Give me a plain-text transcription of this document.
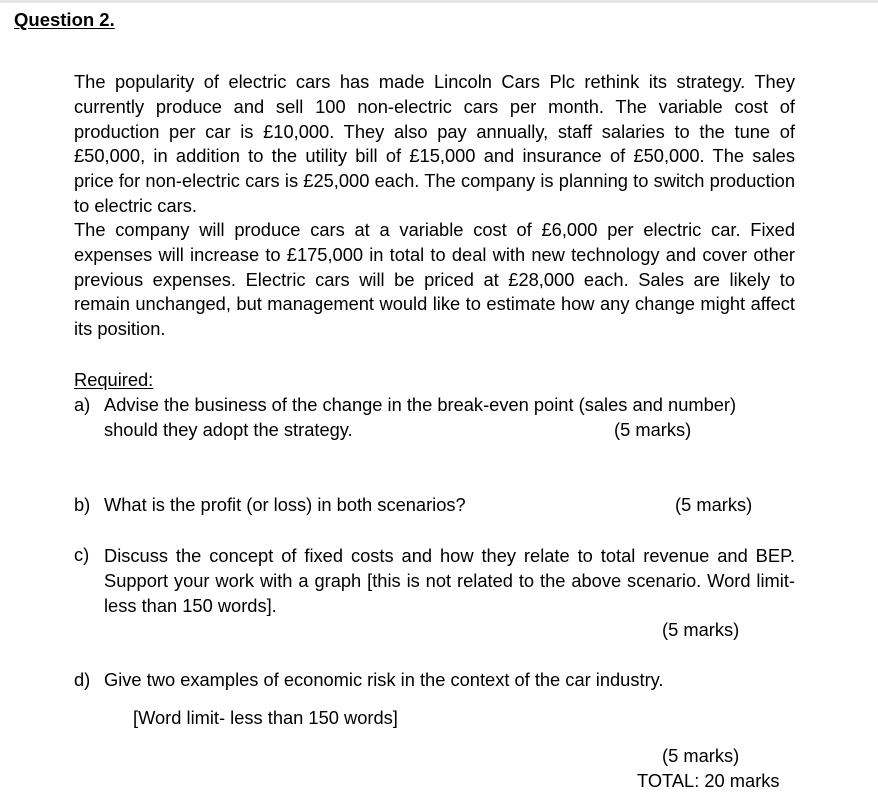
Question 2.
The popularity of electric cars has made Lincoln Cars Plc rethink its strategy. They currently produce and sell 100 non-electric cars per month. The variable cost of production per car is £10,000. They also pay annually, staff salaries to the tune of £50,000, in addition to the utility bill of £15,000 and insurance of £50,000. The sales price for non-electric cars is £25,000 each. The company is planning to switch production to electric cars.
The company will produce cars at a variable cost of £6,000 per electric car. Fixed expenses will increase to £175,000 in total to deal with new technology and cover other previous expenses. Electric cars will be priced at £28,000 each. Sales are likely to remain unchanged, but management would like to estimate how any change might affect its position.
Required:
a) Advise the business of the change in the break-even point (sales and number)
should they adopt the strategy.	(5 marks)
b) What is the profit (or loss) in both scenarios?	(5 marks)
c) Discuss the concept of fixed costs and how they relate to total revenue and BEP. Support your work with a graph [this is not related to the above scenario. Word limit- less than 150 words].
(5 marks)
d) Give two examples of economic risk in the context of the car industry.
[Word limit- less than 150 words]
(5 marks)
TOTAL: 20 marks
